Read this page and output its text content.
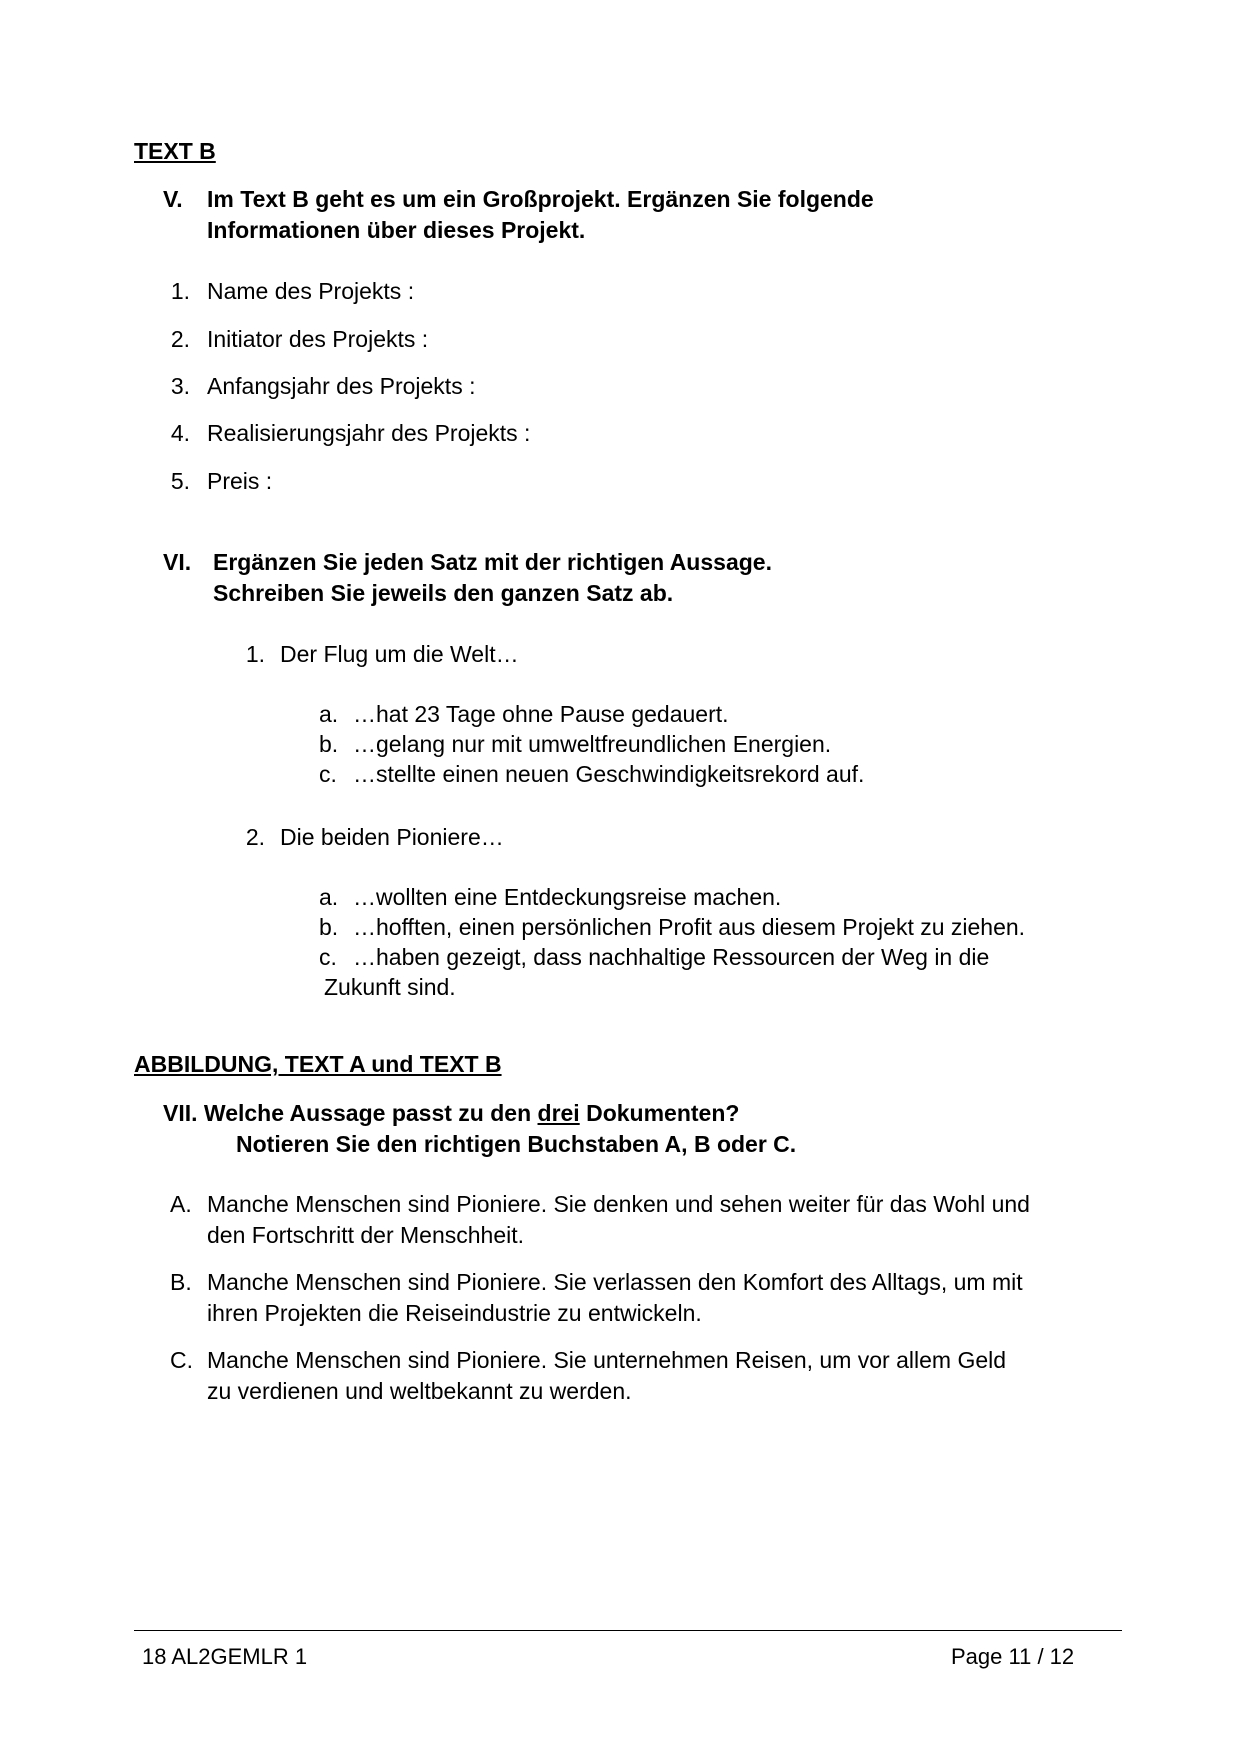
TEXT B
V. Im Text B geht es um ein Großprojekt. Ergänzen Sie folgende
Informationen über dieses Projekt.
1. Name des Projekts :
2. Initiator des Projekts :
3. Anfangsjahr des Projekts :
4. Realisierungsjahr des Projekts :
5. Preis :
VI. Ergänzen Sie jeden Satz mit der richtigen Aussage.
Schreiben Sie jeweils den ganzen Satz ab.
1. Der Flug um die Welt…
a. …hat 23 Tage ohne Pause gedauert.
b. …gelang nur mit umweltfreundlichen Energien.
c. …stellte einen neuen Geschwindigkeitsrekord auf.
2. Die beiden Pioniere…
a. …wollten eine Entdeckungsreise machen.
b. …hofften, einen persönlichen Profit aus diesem Projekt zu ziehen.
c. …haben gezeigt, dass nachhaltige Ressourcen der Weg in die
Zukunft sind.
ABBILDUNG, TEXT A und TEXT B
VII. Welche Aussage passt zu den drei Dokumenten?
Notieren Sie den richtigen Buchstaben A, B oder C.
A. Manche Menschen sind Pioniere. Sie denken und sehen weiter für das Wohl und
den Fortschritt der Menschheit.
B. Manche Menschen sind Pioniere. Sie verlassen den Komfort des Alltags, um mit
ihren Projekten die Reiseindustrie zu entwickeln.
C. Manche Menschen sind Pioniere. Sie unternehmen Reisen, um vor allem Geld
zu verdienen und weltbekannt zu werden.
18 AL2GEMLR 1	Page 11 / 12
